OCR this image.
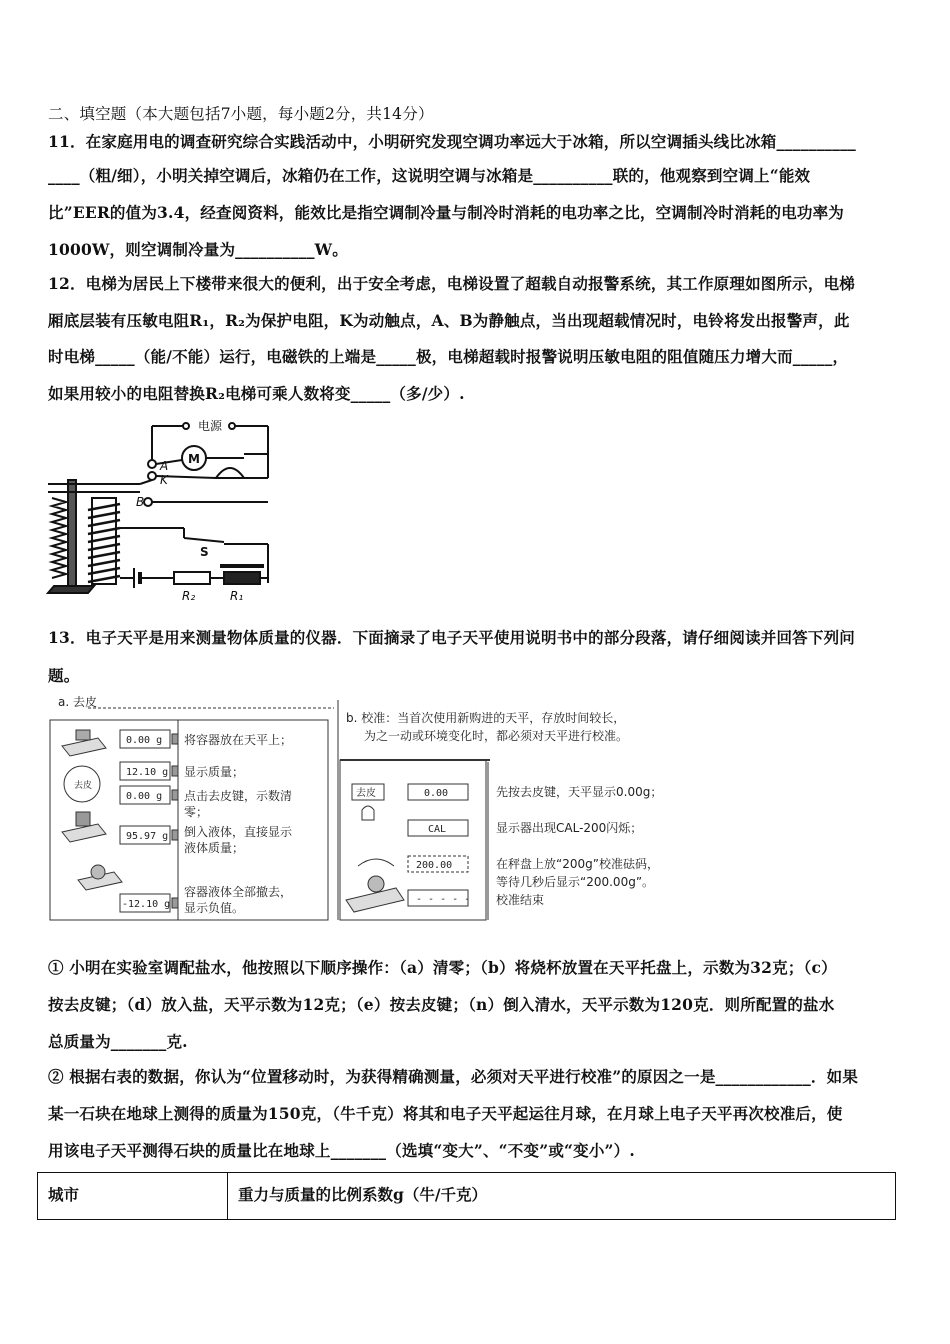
二、填空题（本大题包括7小题，每小题2分，共14分）
11．在家庭用电的调查研究综合实践活动中，小明研究发现空调功率远大于冰箱，所以空调插头线比冰箱__________
____（粗/细），小明关掉空调后，冰箱仍在工作，这说明空调与冰箱是__________联的，他观察到空调上“能效
比”EER的值为3.4，经查阅资料，能效比是指空调制冷量与制冷时消耗的电功率之比，空调制冷时消耗的电功率为
1000W，则空调制冷量为__________W。
12．电梯为居民上下楼带来很大的便利，出于安全考虑，电梯设置了超载自动报警系统，其工作原理如图所示，电梯
厢底层装有压敏电阻R₁，R₂为保护电阻，K为动触点，A、B为静触点，当出现超载情况时，电铃将发出报警声，此
时电梯_____（能/不能）运行，电磁铁的上端是_____极，电梯超载时报警说明压敏电阻的阻值随压力增大而_____，
如果用较小的电阻替换R₂电梯可乘人数将变_____（多/少）.
电源
M
A
K
B
S
R₂	R₁
13．电子天平是用来测量物体质量的仪器．下面摘录了电子天平使用说明书中的部分段落，请仔细阅读并回答下列问
题。
去皮
0.00 g
12.10 g
0.00 g
95.97 g
-12.10 g
a. 去皮
将容器放在天平上；
显示质量；
点击去皮键，示数清
零；
倒入液体，直接显示
液体质量；
容器液体全部撤去，
显示负值。
去皮	0.00
CAL
200.00
- - - - -
b. 校准：当首次使用新购进的天平，存放时间较长，
为之一动或环境变化时，都必须对天平进行校准。
先按去皮键，天平显示0.00g；
显示器出现CAL-200闪烁；
在秤盘上放“200g”校准砝码，
等待几秒后显示“200.00g”。
校准结束
① 小明在实验室调配盐水，他按照以下顺序操作：（a）清零；（b）将烧杯放置在天平托盘上，示数为32克；（c）
按去皮键；（d）放入盐，天平示数为12克；（e）按去皮键；（n）倒入清水，天平示数为120克．则所配置的盐水
总质量为_______克.
② 根据右表的数据，你认为“位置移动时，为获得精确测量，必须对天平进行校准”的原因之一是____________．如果
某一石块在地球上测得的质量为150克，（牛千克）将其和电子天平起运往月球，在月球上电子天平再次校准后，使
用该电子天平测得石块的质量比在地球上_______（选填“变大”、“不变”或“变小”）.
城市	重力与质量的比例系数g（牛/千克）
